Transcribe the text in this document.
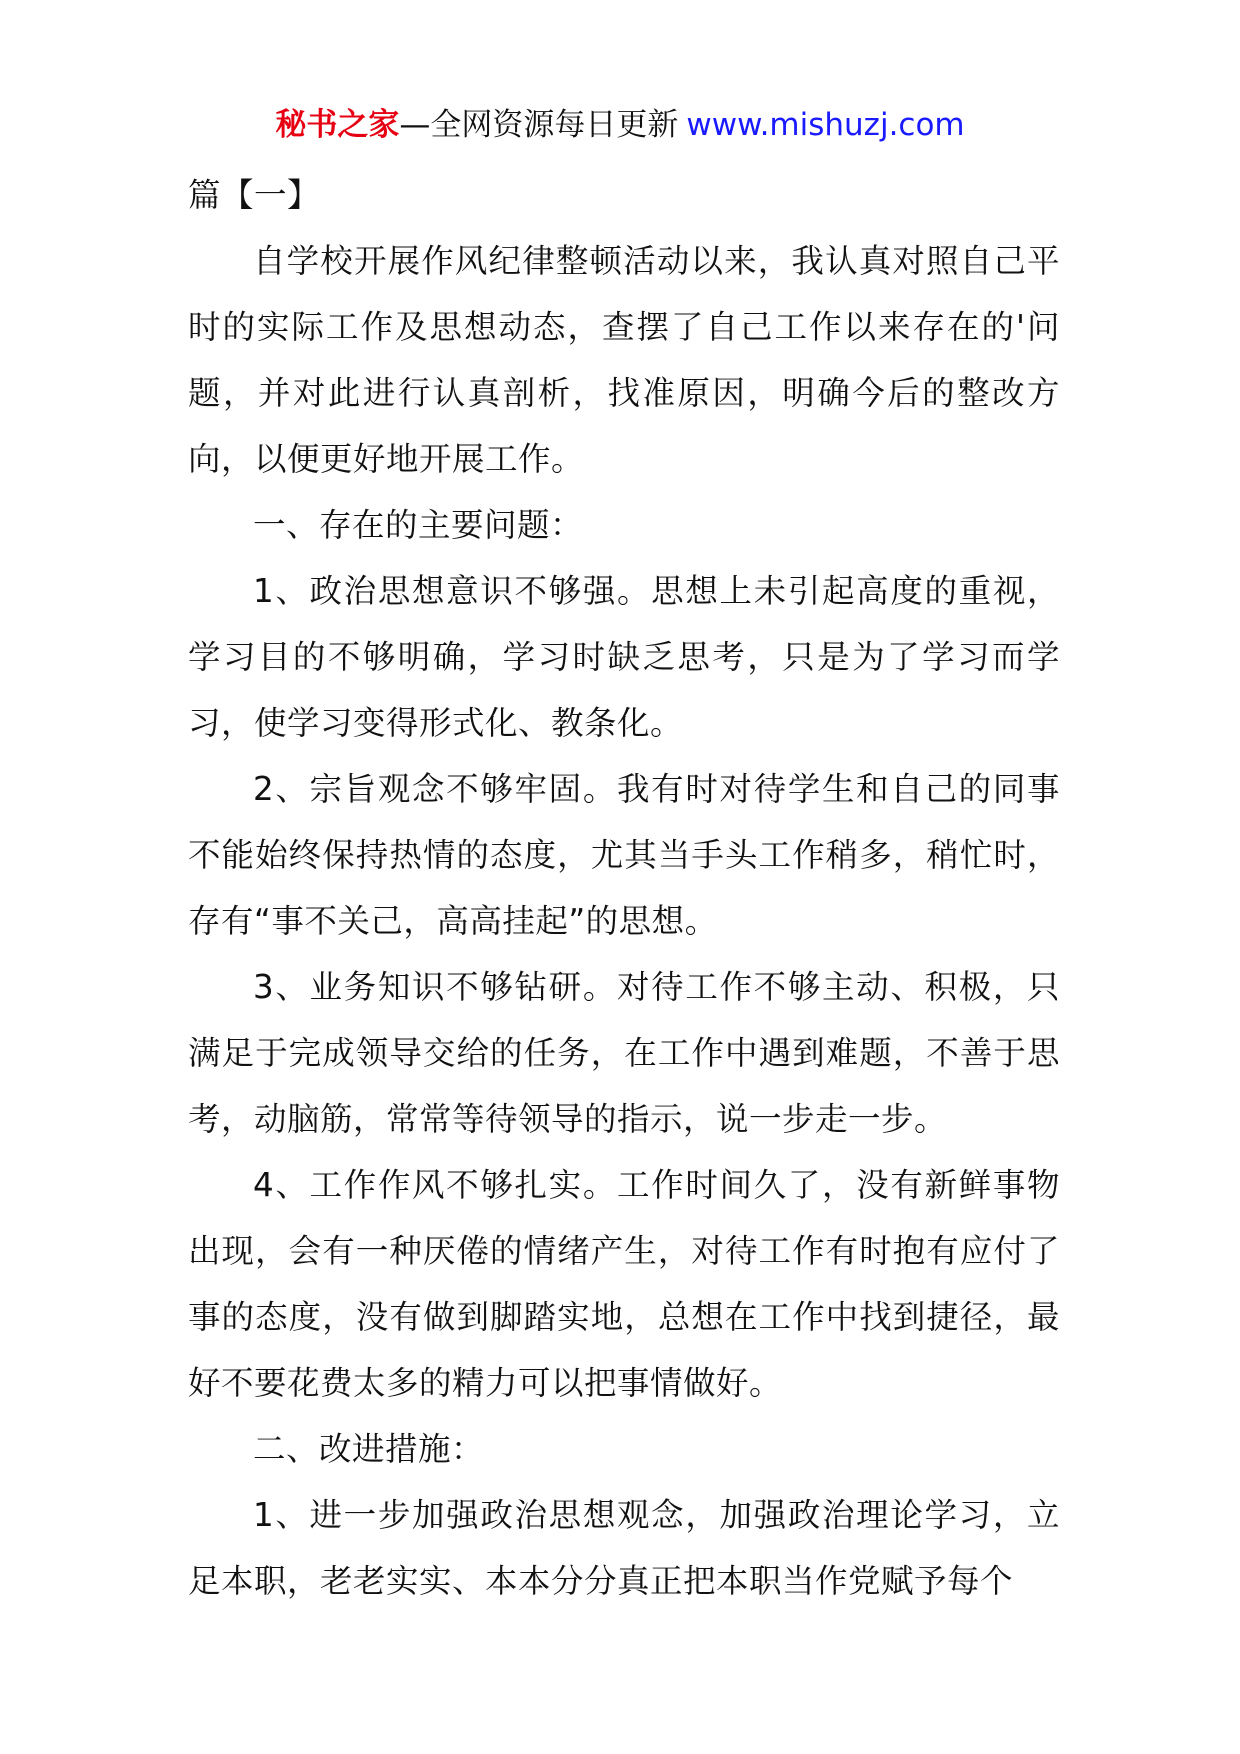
秘书之家—全网资源每日更新 www.mishuzj.com

篇【一】

自学校开展作风纪律整顿活动以来，我认真对照自己平时的实际工作及思想动态，查摆了自己工作以来存在的'问题，并对此进行认真剖析，找准原因，明确今后的整改方向，以便更好地开展工作。

一、存在的主要问题：

1、政治思想意识不够强。思想上未引起高度的重视，学习目的不够明确，学习时缺乏思考，只是为了学习而学习，使学习变得形式化、教条化。

2、宗旨观念不够牢固。我有时对待学生和自己的同事不能始终保持热情的态度，尤其当手头工作稍多，稍忙时，存有“事不关己，高高挂起”的思想。

3、业务知识不够钻研。对待工作不够主动、积极，只满足于完成领导交给的任务，在工作中遇到难题，不善于思考，动脑筋，常常等待领导的指示，说一步走一步。

4、工作作风不够扎实。工作时间久了，没有新鲜事物出现，会有一种厌倦的情绪产生，对待工作有时抱有应付了事的态度，没有做到脚踏实地，总想在工作中找到捷径，最好不要花费太多的精力可以把事情做好。

二、改进措施：

1、进一步加强政治思想观念，加强政治理论学习，立足本职，老老实实、本本分分真正把本职当作党赋予每个
